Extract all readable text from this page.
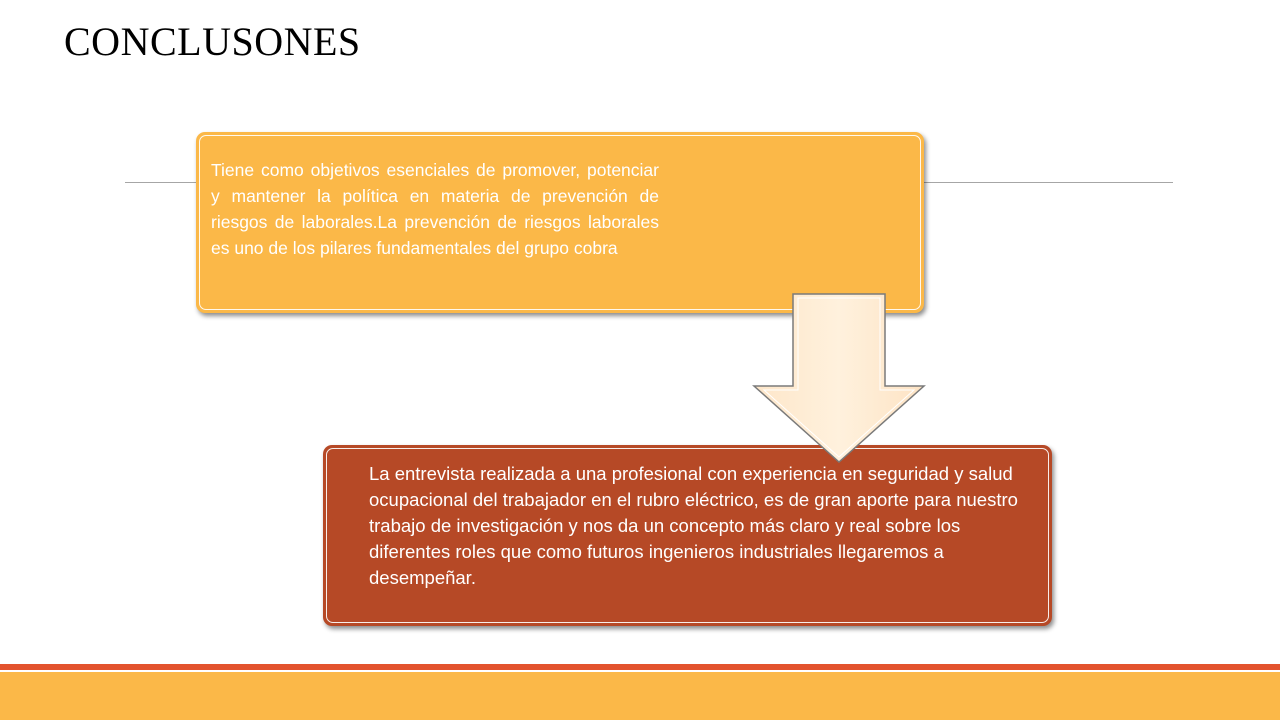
CONCLUSONES
Tiene como objetivos esenciales de promover, potenciar y mantener la política en materia de prevención de riesgos de laborales.La prevención de riesgos laborales es uno de los pilares fundamentales del grupo cobra
La entrevista realizada a una profesional con experiencia en seguridad y salud ocupacional del trabajador en el rubro eléctrico, es de gran aporte para nuestro trabajo de investigación y nos da un concepto más claro y real sobre los diferentes roles que como futuros ingenieros industriales llegaremos a desempeñar.
